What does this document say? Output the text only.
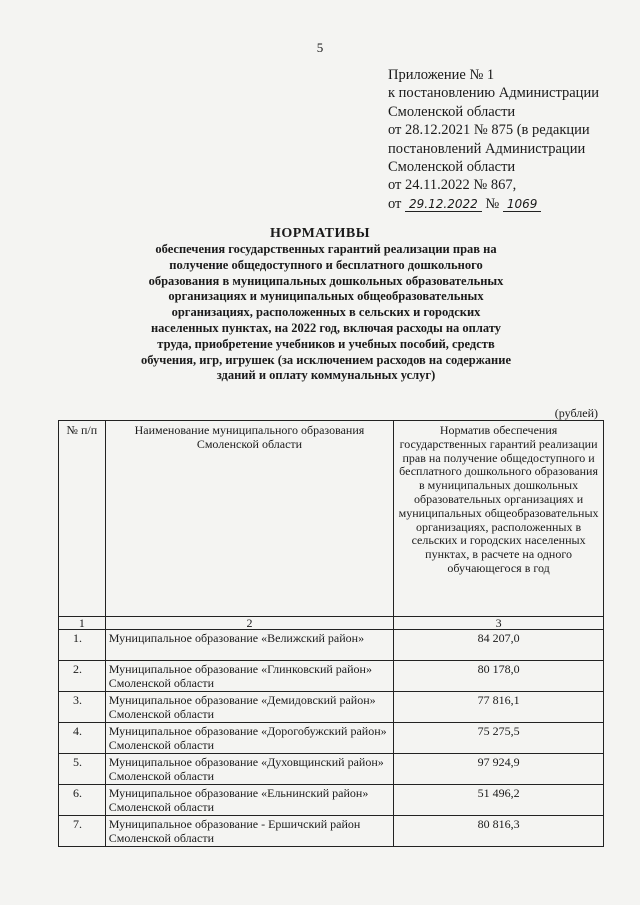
5
Приложение № 1
к постановлению Администрации
Смоленской области
от 28.12.2021 № 875 (в редакции
постановлений Администрации
Смоленской области
от 24.11.2022 № 867,
от 29.12.2022 № 1069
НОРМАТИВЫ
обеспечения государственных гарантий реализации прав на получение общедоступного и бесплатного дошкольного образования в муниципальных дошкольных образовательных организациях и муниципальных общеобразовательных организациях, расположенных в сельских и городских населенных пунктах, на 2022 год, включая расходы на оплату труда, приобретение учебников и учебных пособий, средств обучения, игр, игрушек (за исключением расходов на содержание зданий и оплату коммунальных услуг)
(рублей)
№ п/п	Наименование муниципального образования Смоленской области	Норматив обеспечения государственных гарантий реализации прав на получение общедоступного и бесплатного дошкольного образования в муниципальных дошкольных образовательных организациях и муниципальных общеобразовательных организациях, расположенных в сельских и городских населенных пунктах, в расчете на одного обучающегося в год
1	2	3
1.	Муниципальное образование «Велижский район»	84 207,0
2.	Муниципальное образование «Глинковский район» Смоленской области	80 178,0
3.	Муниципальное образование «Демидовский район» Смоленской области	77 816,1
4.	Муниципальное образование «Дорогобужский район» Смоленской области	75 275,5
5.	Муниципальное образование «Духовщинский район» Смоленской области	97 924,9
6.	Муниципальное образование «Ельнинский район» Смоленской области	51 496,2
7.	Муниципальное образование - Ершичский район Смоленской области	80 816,3
